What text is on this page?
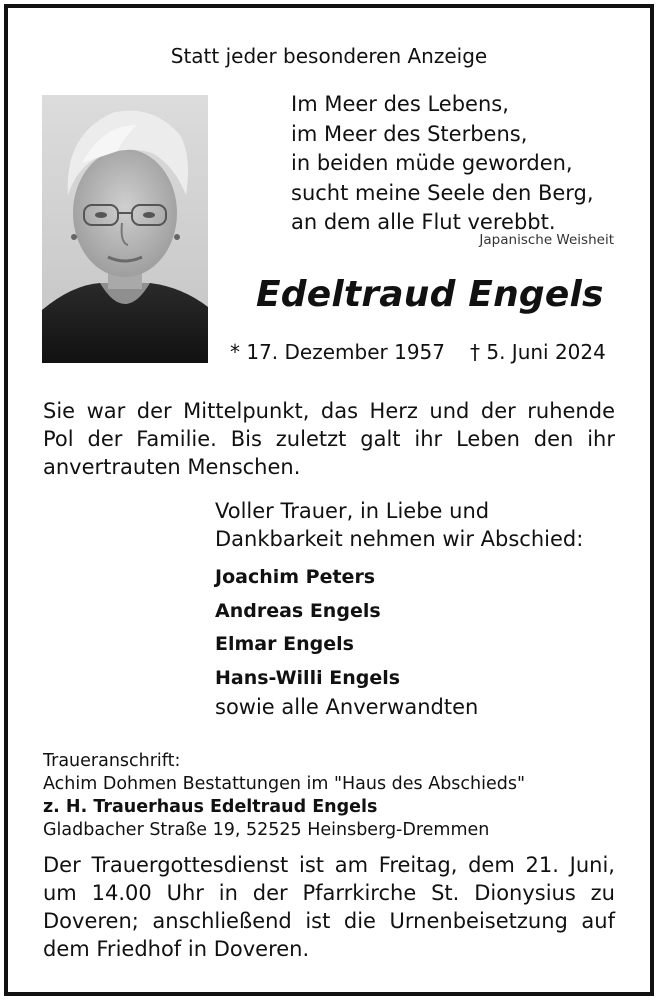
Statt jeder besonderen Anzeige
Im Meer des Lebens,
im Meer des Sterbens,
in beiden müde geworden,
sucht meine Seele den Berg,
an dem alle Flut verebbt.
Japanische Weisheit
Edeltraud Engels
* 17. Dezember 1957 † 5. Juni 2024
Sie war der Mittelpunkt, das Herz und der ruhende
Pol der Familie. Bis zuletzt galt ihr Leben den ihr
anvertrauten Menschen.
Voller Trauer, in Liebe und
Dankbarkeit nehmen wir Abschied:
Joachim Peters
Andreas Engels
Elmar Engels
Hans-Willi Engels
sowie alle Anverwandten
Traueranschrift:
Achim Dohmen Bestattungen im "Haus des Abschieds"
z. H. Trauerhaus Edeltraud Engels
Gladbacher Straße 19, 52525 Heinsberg-Dremmen
Der Trauergottesdienst ist am Freitag, dem 21. Juni,
um 14.00 Uhr in der Pfarrkirche St. Dionysius zu
Doveren; anschließend ist die Urnenbeisetzung auf
dem Friedhof in Doveren.
